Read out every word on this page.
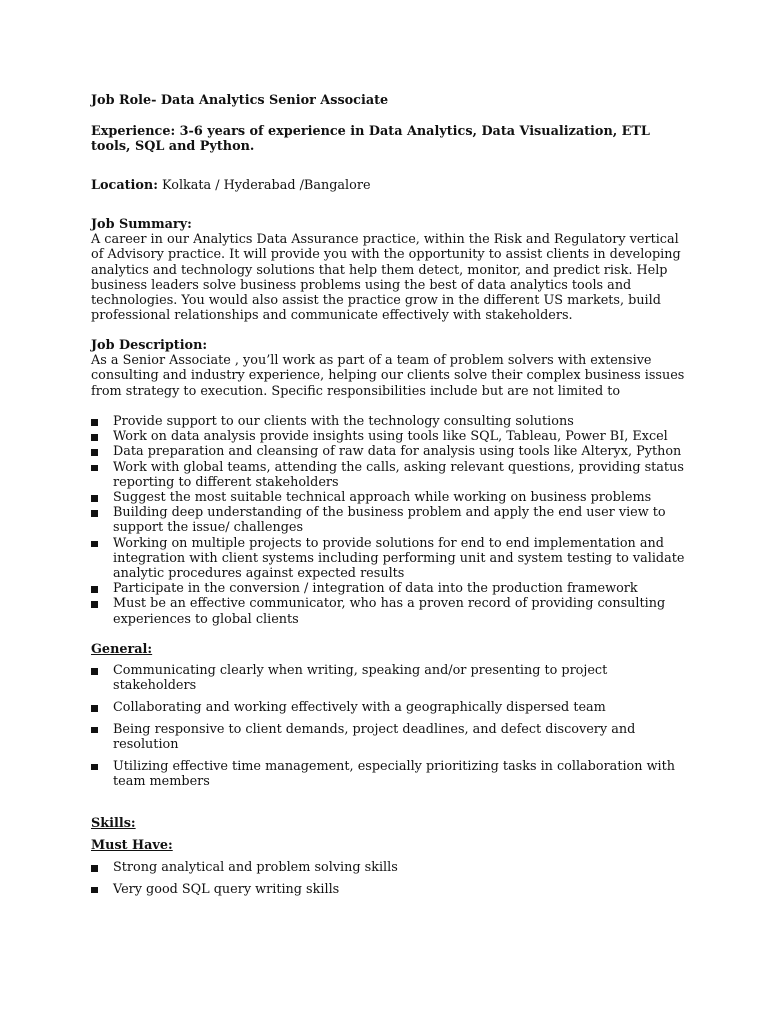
Job Role- Data Analytics Senior Associate

Experience: 3-6 years of experience in Data Analytics, Data Visualization, ETL tools, SQL and Python.

Location: Kolkata / Hyderabad /Bangalore

Job Summary:

A career in our Analytics Data Assurance practice, within the Risk and Regulatory vertical of Advisory practice. It will provide you with the opportunity to assist clients in developing analytics and technology solutions that help them detect, monitor, and predict risk. Help business leaders solve business problems using the best of data analytics tools and technologies. You would also assist the practice grow in the different US markets, build professional relationships and communicate effectively with stakeholders.

Job Description:

As a Senior Associate , you’ll work as part of a team of problem solvers with extensive consulting and industry experience, helping our clients solve their complex business issues from strategy to execution. Specific responsibilities include but are not limited to

Provide support to our clients with the technology consulting solutions
Work on data analysis provide insights using tools like SQL, Tableau, Power BI, Excel
Data preparation and cleansing of raw data for analysis using tools like Alteryx, Python
Work with global teams, attending the calls, asking relevant questions, providing status reporting to different stakeholders
Suggest the most suitable technical approach while working on business problems
Building deep understanding of the business problem and apply the end user view to support the issue/ challenges
Working on multiple projects to provide solutions for end to end implementation and integration with client systems including performing unit and system testing to validate analytic procedures against expected results
Participate in the conversion / integration of data into the production framework
Must be an effective communicator, who has a proven record of providing consulting experiences to global clients

General:

Communicating clearly when writing, speaking and/or presenting to project stakeholders
Collaborating and working effectively with a geographically dispersed team
Being responsive to client demands, project deadlines, and defect discovery and resolution
Utilizing effective time management, especially prioritizing tasks in collaboration with team members

Skills:

Must Have:

Strong analytical and problem solving skills
Very good SQL query writing skills
